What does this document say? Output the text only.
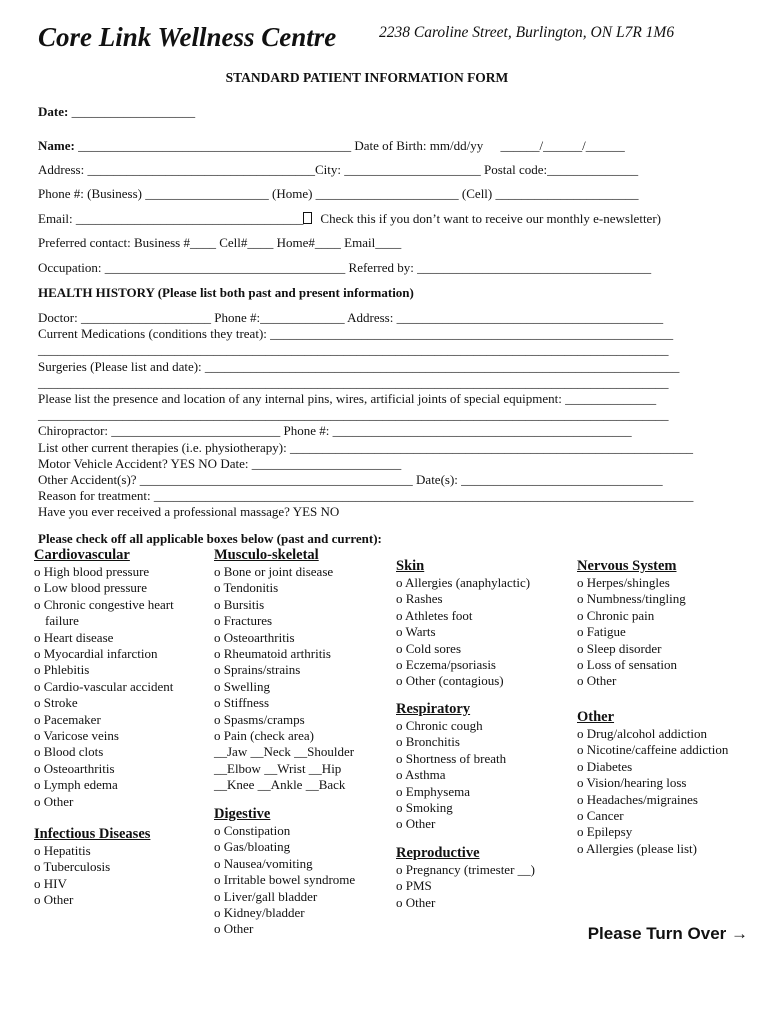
Core Link Wellness Centre	2238 Caroline Street, Burlington, ON L7R 1M6
STANDARD PATIENT INFORMATION FORM
Date: ___________________
Name: __________________________________________ Date of Birth: mm/dd/yy ______/______/______
Address: ___________________________________City: _____________________ Postal code:______________
Phone #: (Business) ___________________ (Home) ______________________ (Cell) ______________________
Email: ___________________________________ Check this if you don’t want to receive our monthly e-newsletter)
Preferred contact: Business #____ Cell#____ Home#____ Email____
Occupation: _____________________________________ Referred by: ____________________________________
HEALTH HISTORY (Please list both past and present information)
Doctor: ____________________ Phone #:_____________ Address: _________________________________________
Current Medications (conditions they treat): ______________________________________________________________
_________________________________________________________________________________________________
Surgeries (Please list and date): _________________________________________________________________________
_________________________________________________________________________________________________
Please list the presence and location of any internal pins, wires, artificial joints of special equipment: ______________
_________________________________________________________________________________________________
Chiropractor: __________________________ Phone #: ______________________________________________
List other current therapies (i.e. physiotherapy): ______________________________________________________________
Motor Vehicle Accident? YES NO Date: _______________________
Other Accident(s)? __________________________________________ Date(s): _______________________________
Reason for treatment: ___________________________________________________________________________________
Have you ever received a professional massage? YES NO
Please check off all applicable boxes below (past and current):
Cardiovascular
o High blood pressure
o Low blood pressure
o Chronic congestive heart
failure
o Heart disease
o Myocardial infarction
o Phlebitis
o Cardio-vascular accident
o Stroke
o Pacemaker
o Varicose veins
o Blood clots
o Osteoarthritis
o Lymph edema
o Other
Infectious Diseases
o Hepatitis
o Tuberculosis
o HIV
o Other
Musculo-skeletal
o Bone or joint disease
o Tendonitis
o Bursitis
o Fractures
o Osteoarthritis
o Rheumatoid arthritis
o Sprains/strains
o Swelling
o Stiffness
o Spasms/cramps
o Pain (check area)
__Jaw __Neck __Shoulder
__Elbow __Wrist __Hip
__Knee __Ankle __Back
Digestive
o Constipation
o Gas/bloating
o Nausea/vomiting
o Irritable bowel syndrome
o Liver/gall bladder
o Kidney/bladder
o Other
Skin
o Allergies (anaphylactic)
o Rashes
o Athletes foot
o Warts
o Cold sores
o Eczema/psoriasis
o Other (contagious)
Respiratory
o Chronic cough
o Bronchitis
o Shortness of breath
o Asthma
o Emphysema
o Smoking
o Other
Reproductive
o Pregnancy (trimester __)
o PMS
o Other
Nervous System
o Herpes/shingles
o Numbness/tingling
o Chronic pain
o Fatigue
o Sleep disorder
o Loss of sensation
o Other
Other
o Drug/alcohol addiction
o Nicotine/caffeine addiction
o Diabetes
o Vision/hearing loss
o Headaches/migraines
o Cancer
o Epilepsy
o Allergies (please list)
Please Turn Over →
